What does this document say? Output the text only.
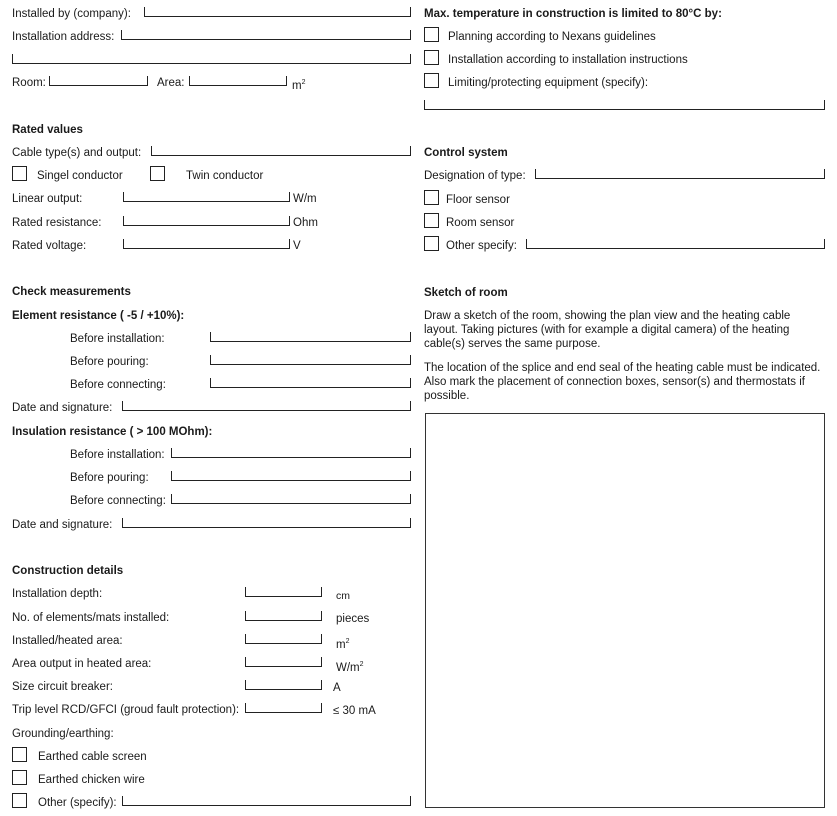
Installed by (company):
Installation address:
Room:	Area:	$m^2$
Rated values
Cable type(s) and output:
Singel conductor	Twin conductor
Linear output:	W/m
Rated resistance:	Ohm
Rated voltage:	V
Check measurements
Element resistance ( -5 / +10%):
Before installation:
Before pouring:
Before connecting:
Date and signature:
Insulation resistance ( > 100 MOhm):
Before installation:
Before pouring:
Before connecting:
Date and signature:
Construction details
Installation depth:	cm
No. of elements/mats installed:	pieces
Installed/heated area:	$m^2$
Area output in heated area:	$W/m^2$
Size circuit breaker:	A
Trip level RCD/GFCI (groud fault protection):	≤ 30 mA
Grounding/earthing:
Earthed cable screen
Earthed chicken wire
Other (specify):
Max. temperature in construction is limited to 80°C by:
Planning according to Nexans guidelines
Installation according to installation instructions
Limiting/protecting equipment (specify):
Control system
Designation of type:
Floor sensor
Room sensor
Other specify:
Sketch of room
Draw a sketch of the room, showing the plan view and the heating cable layout. Taking pictures (with for example a digital camera) of the heating cable(s) serves the same purpose.
The location of the splice and end seal of the heating cable must be indicated. Also mark the placement of connection boxes, sensor(s) and thermostats if possible.
